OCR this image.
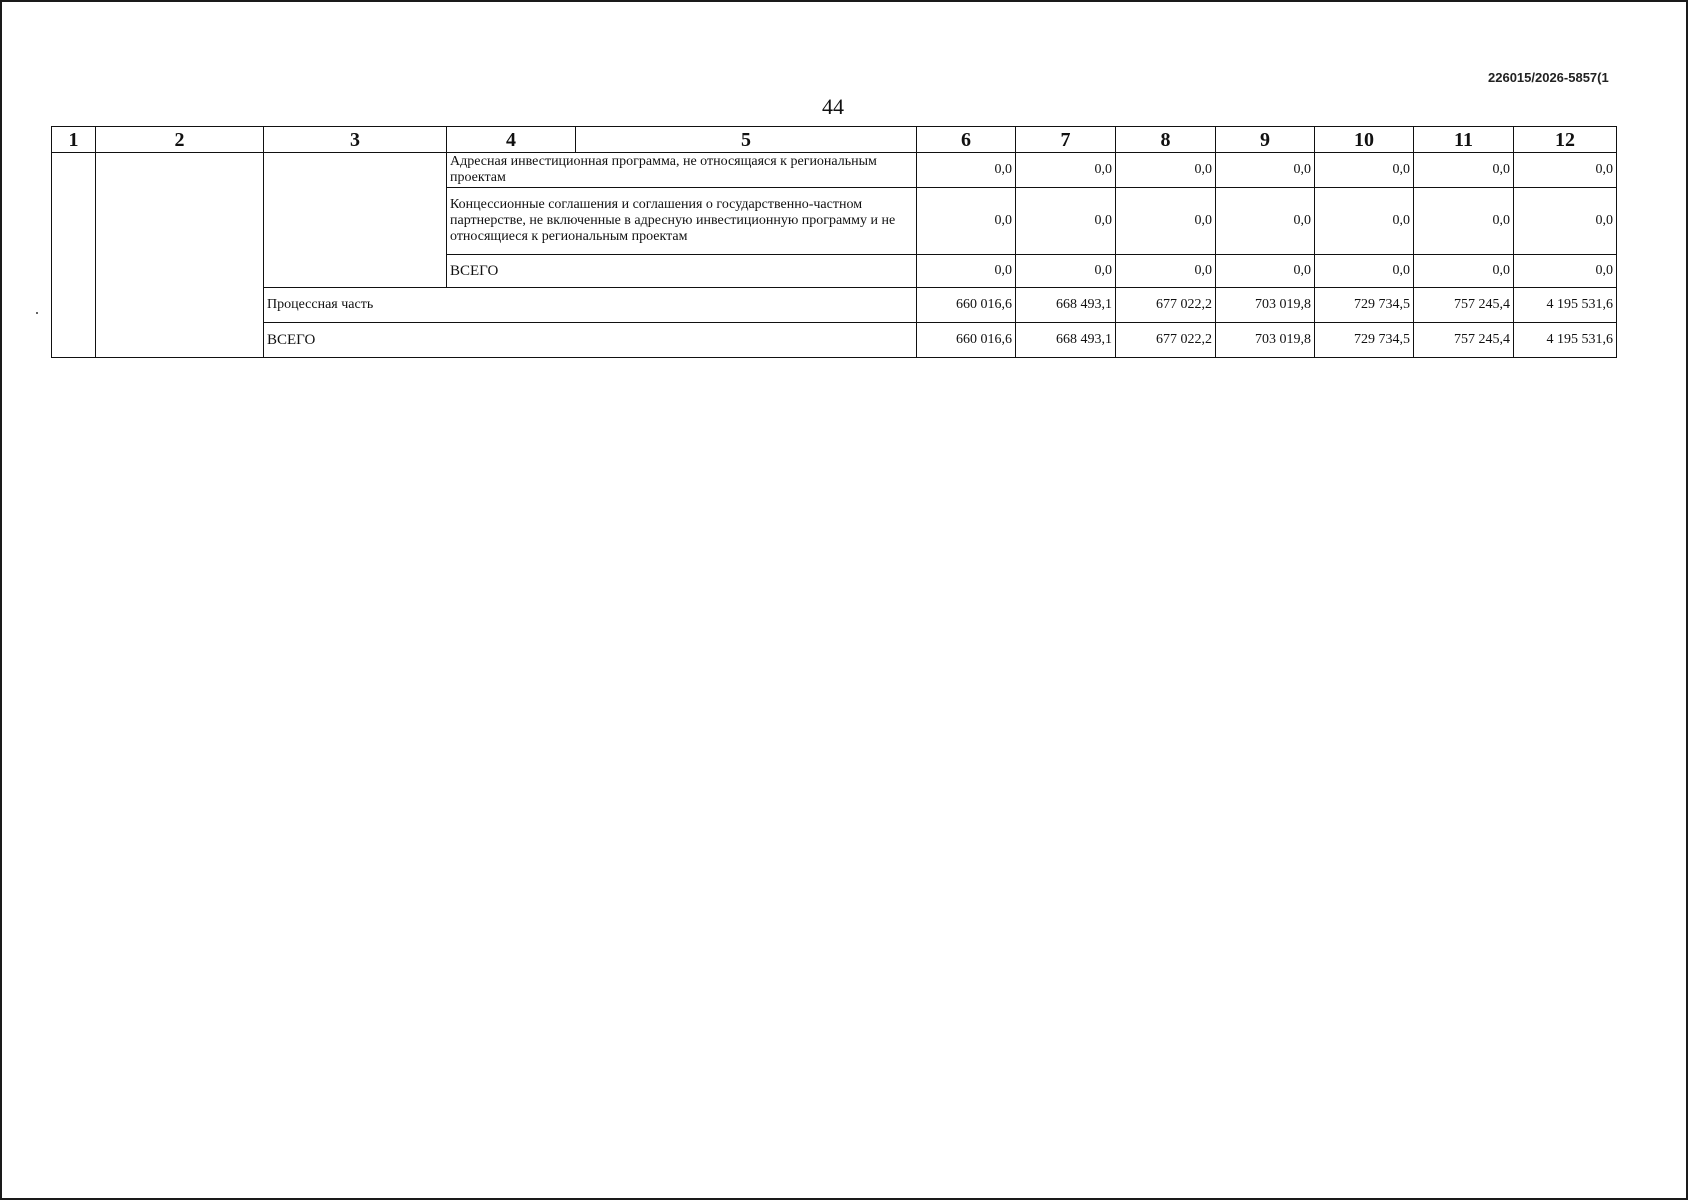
226015/2026-5857(1
44
1	2	3	4	5	6	7	8	9	10	11	12
			Адресная инвестиционная программа, не относящаяся к региональным проектам		0,0	0,0	0,0	0,0	0,0	0,0	0,0
			Концессионные соглашения и соглашения о государственно-частном партнерстве, не включенные в адресную инвестиционную программу и не относящиеся к региональным проектам		0,0	0,0	0,0	0,0	0,0	0,0	0,0
			ВСЕГО		0,0	0,0	0,0	0,0	0,0	0,0	0,0
		Процессная часть			660 016,6	668 493,1	677 022,2	703 019,8	729 734,5	757 245,4	4 195 531,6
		ВСЕГО			660 016,6	668 493,1	677 022,2	703 019,8	729 734,5	757 245,4	4 195 531,6
